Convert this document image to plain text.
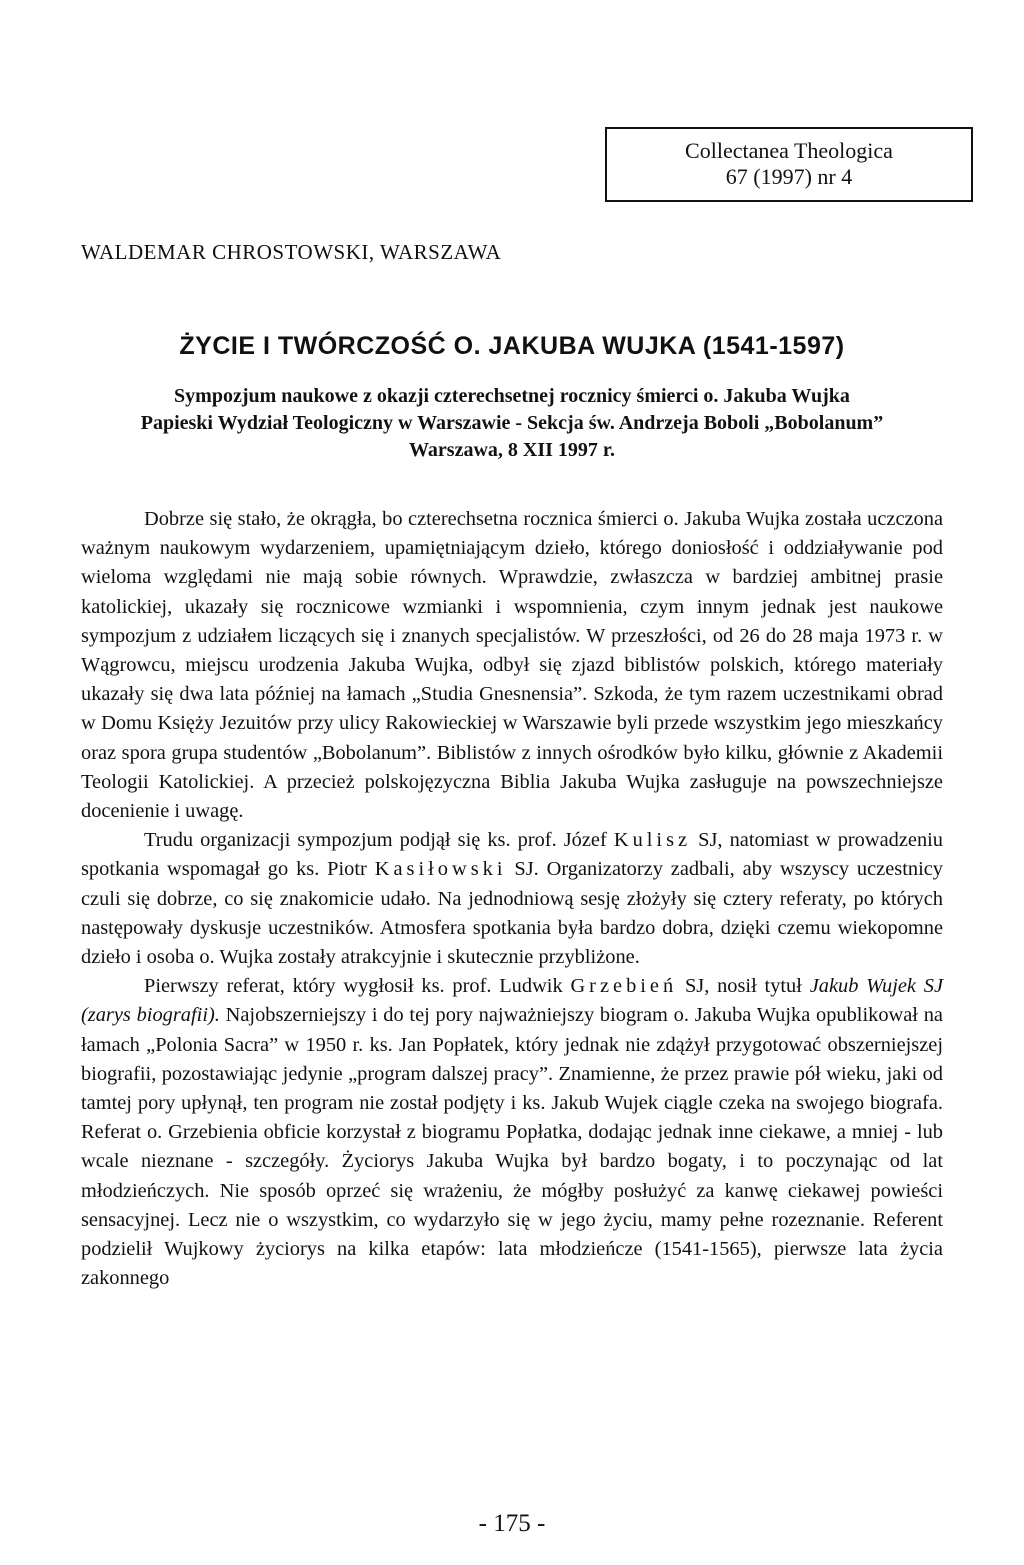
Collectanea Theologica
67 (1997) nr 4
WALDEMAR CHROSTOWSKI, WARSZAWA
ŻYCIE I TWÓRCZOŚĆ O. JAKUBA WUJKA (1541-1597)
Sympozjum naukowe z okazji czterechsetnej rocznicy śmierci o. Jakuba Wujka
Papieski Wydział Teologiczny w Warszawie - Sekcja św. Andrzeja Boboli „Bobolanum”
Warszawa, 8 XII 1997 r.

Dobrze się stało, że okrągła, bo czterechsetna rocznica śmierci o. Jakuba Wujka została uczczona ważnym naukowym wydarzeniem, upamiętniającym dzieło, którego doniosłość i oddziaływanie pod wieloma względami nie mają sobie równych. Wprawdzie, zwłaszcza w bardziej ambitnej prasie katolickiej, ukazały się rocznicowe wzmianki i wspomnienia, czym innym jednak jest naukowe sympozjum z udziałem liczących się i znanych specjalistów. W przeszłości, od 26 do 28 maja 1973 r. w Wągrowcu, miejscu urodzenia Jakuba Wujka, odbył się zjazd biblistów polskich, którego materiały ukazały się dwa lata później na łamach „Studia Gnesnensia”. Szkoda, że tym razem uczestnikami obrad w Domu Księży Jezuitów przy ulicy Rakowieckiej w Warszawie byli przede wszystkim jego mieszkańcy oraz spora grupa studentów „Bobolanum”. Biblistów z innych ośrodków było kilku, głównie z Akademii Teologii Katolickiej. A przecież polskojęzyczna Biblia Jakuba Wujka zasługuje na powszechniejsze docenienie i uwagę.

Trudu organizacji sympozjum podjął się ks. prof. Józef Kulisz SJ, natomiast w prowadzeniu spotkania wspomagał go ks. Piotr Kasiłowski SJ. Organizatorzy zadbali, aby wszyscy uczestnicy czuli się dobrze, co się znakomicie udało. Na jednodniową sesję złożyły się cztery referaty, po których następowały dyskusje uczestników. Atmosfera spotkania była bardzo dobra, dzięki czemu wiekopomne dzieło i osoba o. Wujka zostały atrakcyjnie i skutecznie przybliżone.

Pierwszy referat, który wygłosił ks. prof. Ludwik Grzebień SJ, nosił tytuł Jakub Wujek SJ (zarys biografii). Najobszerniejszy i do tej pory najważniejszy biogram o. Jakuba Wujka opublikował na łamach „Polonia Sacra” w 1950 r. ks. Jan Popłatek, który jednak nie zdążył przygotować obszerniejszej biografii, pozostawiając jedynie „program dalszej pracy”. Znamienne, że przez prawie pół wieku, jaki od tamtej pory upłynął, ten program nie został podjęty i ks. Jakub Wujek ciągle czeka na swojego biografa. Referat o. Grzebienia obficie korzystał z biogramu Popłatka, dodając jednak inne ciekawe, a mniej - lub wcale nieznane - szczegóły. Życiorys Jakuba Wujka był bardzo bogaty, i to poczynając od lat młodzieńczych. Nie sposób oprzeć się wrażeniu, że mógłby posłużyć za kanwę ciekawej powieści sensacyjnej. Lecz nie o wszystkim, co wydarzyło się w jego życiu, mamy pełne rozeznanie. Referent podzielił Wujkowy życiorys na kilka etapów: lata młodzieńcze (1541-1565), pierwsze lata życia zakonnego

- 175 -
